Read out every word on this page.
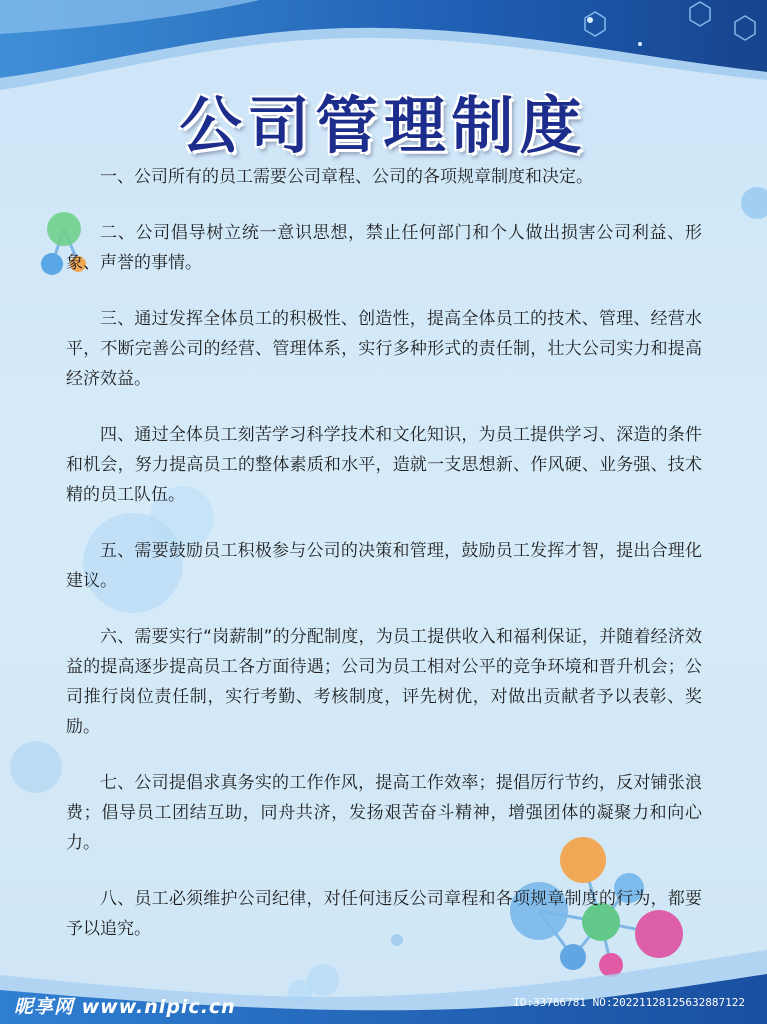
公司管理制度

一、公司所有的员工需要公司章程、公司的各项规章制度和决定。

二、公司倡导树立统一意识思想，禁止任何部门和个人做出损害公司利益、形象、声誉的事情。

三、通过发挥全体员工的积极性、创造性，提高全体员工的技术、管理、经营水平，不断完善公司的经营、管理体系，实行多种形式的责任制，壮大公司实力和提高经济效益。

四、通过全体员工刻苦学习科学技术和文化知识，为员工提供学习、深造的条件和机会，努力提高员工的整体素质和水平，造就一支思想新、作风硬、业务强、技术精的员工队伍。

五、需要鼓励员工积极参与公司的决策和管理，鼓励员工发挥才智，提出合理化建议。

六、需要实行“岗薪制”的分配制度，为员工提供收入和福利保证，并随着经济效益的提高逐步提高员工各方面待遇；公司为员工相对公平的竞争环境和晋升机会；公司推行岗位责任制，实行考勤、考核制度，评先树优，对做出贡献者予以表彰、奖励。

七、公司提倡求真务实的工作作风，提高工作效率；提倡厉行节约，反对铺张浪费；倡导员工团结互助，同舟共济，发扬艰苦奋斗精神，增强团体的凝聚力和向心力。

八、员工必须维护公司纪律，对任何违反公司章程和各项规章制度的行为，都要予以追究。

昵享网 www.nipic.cn	ID:33786781 NO:20221128125632887122
